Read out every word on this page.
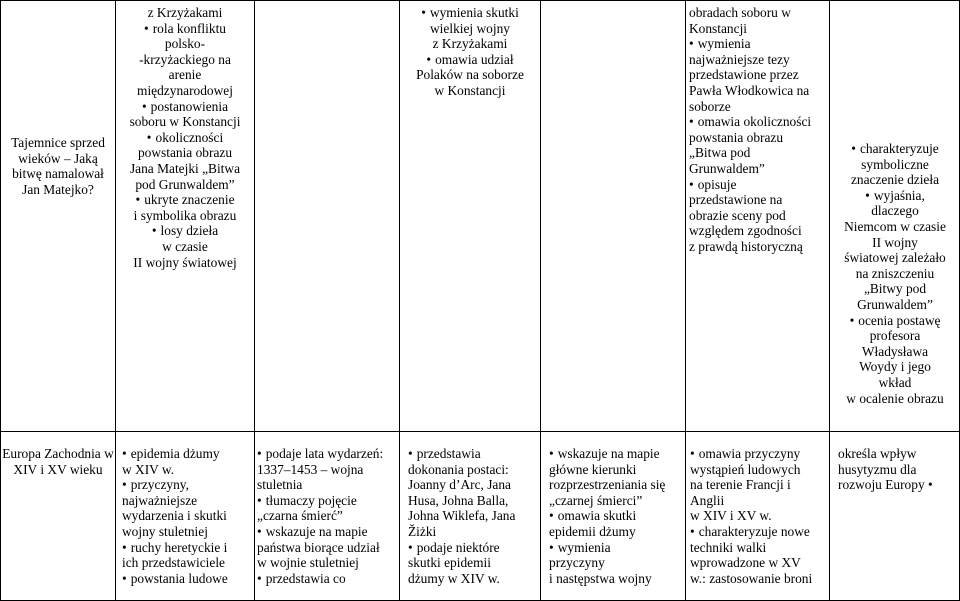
Tajemnice sprzed wieków – Jaką bitwę namalował Jan Matejko?
z Krzyżakami
• rola konfliktu
polsko-
-krzyżackiego na
arenie
międzynarodowej
• postanowienia
soboru w Konstancji
• okoliczności
powstania obrazu
Jana Matejki „Bitwa
pod Grunwaldem”
• ukryte znaczenie
i symbolika obrazu
• losy dzieła
w czasie
II wojny światowej
• wymienia skutki
wielkiej wojny
z Krzyżakami
• omawia udział
Polaków na soborze
w Konstancji
obradach soboru w
Konstancji
• wymienia
najważniejsze tezy
przedstawione przez
Pawła Włodkowica na
soborze
• omawia okoliczności
powstania obrazu
„Bitwa pod
Grunwaldem”
• opisuje
przedstawione na
obrazie sceny pod
względem zgodności
z prawdą historyczną
• charakteryzuje
symboliczne
znaczenie dzieła
• wyjaśnia,
dlaczego
Niemcom w czasie
II wojny
światowej zależało
na zniszczeniu
„Bitwy pod
Grunwaldem”
• ocenia postawę
profesora
Władysława
Woydy i jego
wkład
w ocalenie obrazu
Europa Zachodnia w XIV i XV wieku
• epidemia dżumy
w XIV w.
• przyczyny,
najważniejsze
wydarzenia i skutki
wojny stuletniej
• ruchy heretyckie i
ich przedstawiciele
• powstania ludowe
• podaje lata wydarzeń:
1337–1453 – wojna
stuletnia
• tłumaczy pojęcie
„czarna śmierć”
• wskazuje na mapie
państwa biorące udział
w wojnie stuletniej
• przedstawia co
• przedstawia
dokonania postaci:
Joanny d’Arc, Jana
Husa, Johna Balla,
Johna Wiklefa, Jana
Žiżki
• podaje niektóre
skutki epidemii
dżumy w XIV w.
• wskazuje na mapie
główne kierunki
rozprzestrzeniania się
„czarnej śmierci”
• omawia skutki
epidemii dżumy
• wymienia
przyczyny
i następstwa wojny
• omawia przyczyny
wystąpień ludowych
na terenie Francji i
Anglii
w XIV i XV w.
• charakteryzuje nowe
techniki walki
wprowadzone w XV
w.: zastosowanie broni
określa wpływ
husytyzmu dla
rozwoju Europy •
